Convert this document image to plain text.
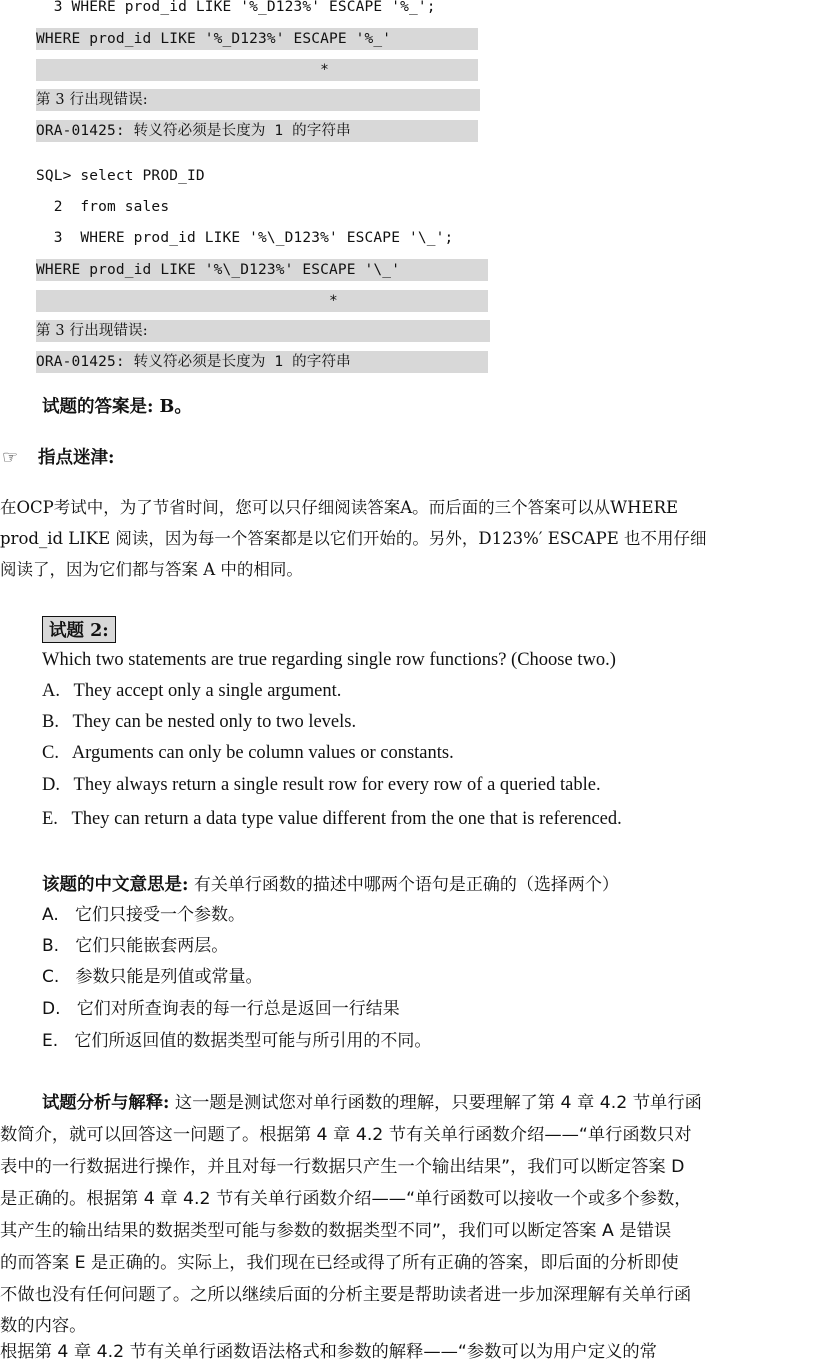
3 WHERE prod_id LIKE '%_D123%' ESCAPE '%_';
WHERE prod_id LIKE '%_D123%' ESCAPE '%_'
*
第 3 行出现错误:
ORA-01425: 转义符必须是长度为 1 的字符串
SQL> select PROD_ID
2  from sales
3  WHERE prod_id LIKE '%\_D123%' ESCAPE '\_';
WHERE prod_id LIKE '%\_D123%' ESCAPE '\_'
*
第 3 行出现错误:
ORA-01425: 转义符必须是长度为 1 的字符串
试题的答案是: B。
☞ 指点迷津:
在OCP考试中，为了节省时间，您可以只仔细阅读答案A。而后面的三个答案可以从WHERE
prod_id LIKE 阅读，因为每一个答案都是以它们开始的。另外，D123%′ ESCAPE 也不用仔细
阅读了，因为它们都与答案 A 中的相同。
试题 2:
Which two statements are true regarding single row functions? (Choose two.)
A.   They accept only a single argument.
B.   They can be nested only to two levels.
C.   Arguments can only be column values or constants.
D.   They always return a single result row for every row of a queried table.
E.   They can return a data type value different from the one that is referenced.
该题的中文意思是: 有关单行函数的描述中哪两个语句是正确的（选择两个）
A.   它们只接受一个参数。
B.   它们只能嵌套两层。
C.   参数只能是列值或常量。
D.   它们对所查询表的每一行总是返回一行结果
E.   它们所返回值的数据类型可能与所引用的不同。
试题分析与解释: 这一题是测试您对单行函数的理解，只要理解了第 4 章 4.2 节单行函
数简介，就可以回答这一问题了。根据第 4 章 4.2 节有关单行函数介绍——“单行函数只对
表中的一行数据进行操作，并且对每一行数据只产生一个输出结果”，我们可以断定答案 D
是正确的。根据第 4 章 4.2 节有关单行函数介绍——“单行函数可以接收一个或多个参数，
其产生的输出结果的数据类型可能与参数的数据类型不同”，我们可以断定答案 A 是错误
的而答案 E 是正确的。实际上，我们现在已经或得了所有正确的答案，即后面的分析即使
不做也没有任何问题了。之所以继续后面的分析主要是帮助读者进一步加深理解有关单行函
数的内容。
根据第 4 章 4.2 节有关单行函数语法格式和参数的解释——“参数可以为用户定义的常
